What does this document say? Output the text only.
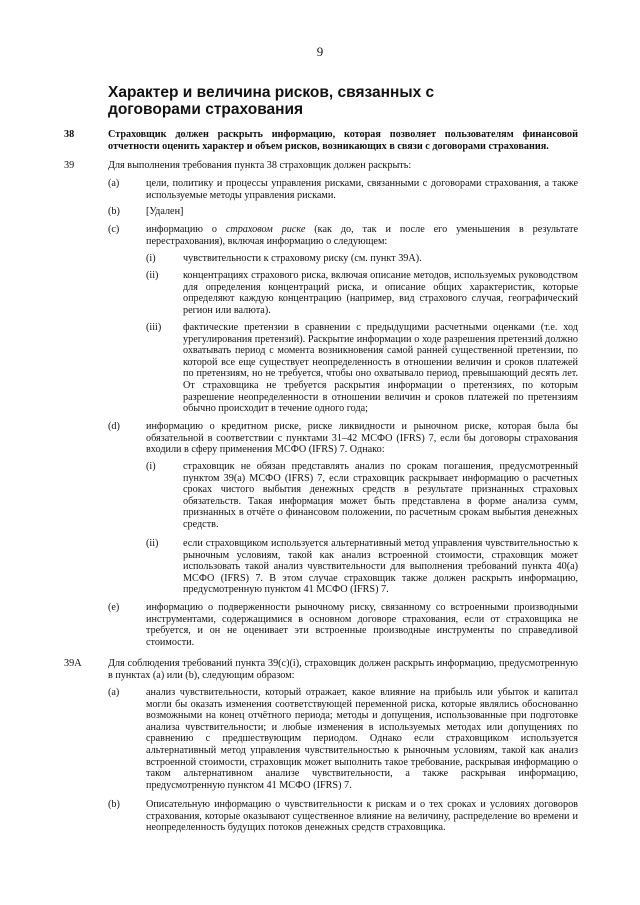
9
Характер и величина рисков, связанных с договорами страхования
38	Страховщик должен раскрыть информацию, которая позволяет пользователям финансовой отчетности оценить характер и объем рисков, возникающих в связи с договорами страхования.
39	Для выполнения требования пункта 38 страховщик должен раскрыть:
(a)	цели, политику и процессы управления рисками, связанными с договорами страхования, а также используемые методы управления рисками.
(b)	[Удален]
(c)	информацию о страховом риске (как до, так и после его уменьшения в результате перестрахования), включая информацию о следующем:
(i)	чувствительности к страховому риску (см. пункт 39А).
(ii) концентрациях страхового риска, включая описание методов, используемых руководством для определения концентраций риска, и описание общих характеристик, которые определяют каждую концентрацию (например, вид страхового случая, географический регион или валюта).
(iii) фактические претензии в сравнении с предыдущими расчетными оценками (т.е. ход урегулирования претензий). Раскрытие информации о ходе разрешения претензий должно охватывать период с момента возникновения самой ранней существенной претензии, по которой все еще существует неопределенность в отношении величин и сроков платежей по претензиям, но не требуется, чтобы оно охватывало период, превышающий десять лет. От страховщика не требуется раскрытия информации о претензиях, по которым разрешение неопределенности в отношении величин и сроков платежей по претензиям обычно происходит в течение одного года;
(d)	информацию о кредитном риске, риске ликвидности и рыночном риске, которая была бы обязательной в соответствии с пунктами 31–42 МСФО (IFRS) 7, если бы договоры страхования входили в сферу применения МСФО (IFRS) 7. Однако:
(i)	страховщик не обязан представлять анализ по срокам погашения, предусмотренный пунктом 39(a) МСФО (IFRS) 7, если страховщик раскрывает информацию о расчетных сроках чистого выбытия денежных средств в результате признанных страховых обязательств. Такая информация может быть представлена в форме анализа сумм, признанных в отчёте о финансовом положении, по расчетным срокам выбытия денежных средств.
(ii) если страховщиком используется альтернативный метод управления чувствительностью к рыночным условиям, такой как анализ встроенной стоимости, страховщик может использовать такой анализ чувствительности для выполнения требований пункта 40(a) МСФО (IFRS) 7. В этом случае страховщик также должен раскрыть информацию, предусмотренную пунктом 41 МСФО (IFRS) 7.
(e)	информацию о подверженности рыночному риску, связанному со встроенными производными инструментами, содержащимися в основном договоре страхования, если от страховщика не требуется, и он не оценивает эти встроенные производные инструменты по справедливой стоимости.
39А	Для соблюдения требований пункта 39(c)(i), страховщик должен раскрыть информацию, предусмотренную в пунктах (a) или (b), следующим образом:
(a)	анализ чувствительности, который отражает, какое влияние на прибыль или убыток и капитал могли бы оказать изменения соответствующей переменной риска, которые являлись обоснованно возможными на конец отчётного периода; методы и допущения, использованные при подготовке анализа чувствительности; и любые изменения в используемых методах или допущениях по сравнению с предшествующим периодом. Однако если страховщиком используется альтернативный метод управления чувствительностью к рыночным условиям, такой как анализ встроенной стоимости, страховщик может выполнить такое требование, раскрывая информацию о таком альтернативном анализе чувствительности, а также раскрывая информацию, предусмотренную пунктом 41 МСФО (IFRS) 7.
(b)	Описательную информацию о чувствительности к рискам и о тех сроках и условиях договоров страхования, которые оказывают существенное влияние на величину, распределение во времени и неопределенность будущих потоков денежных средств страховщика.
